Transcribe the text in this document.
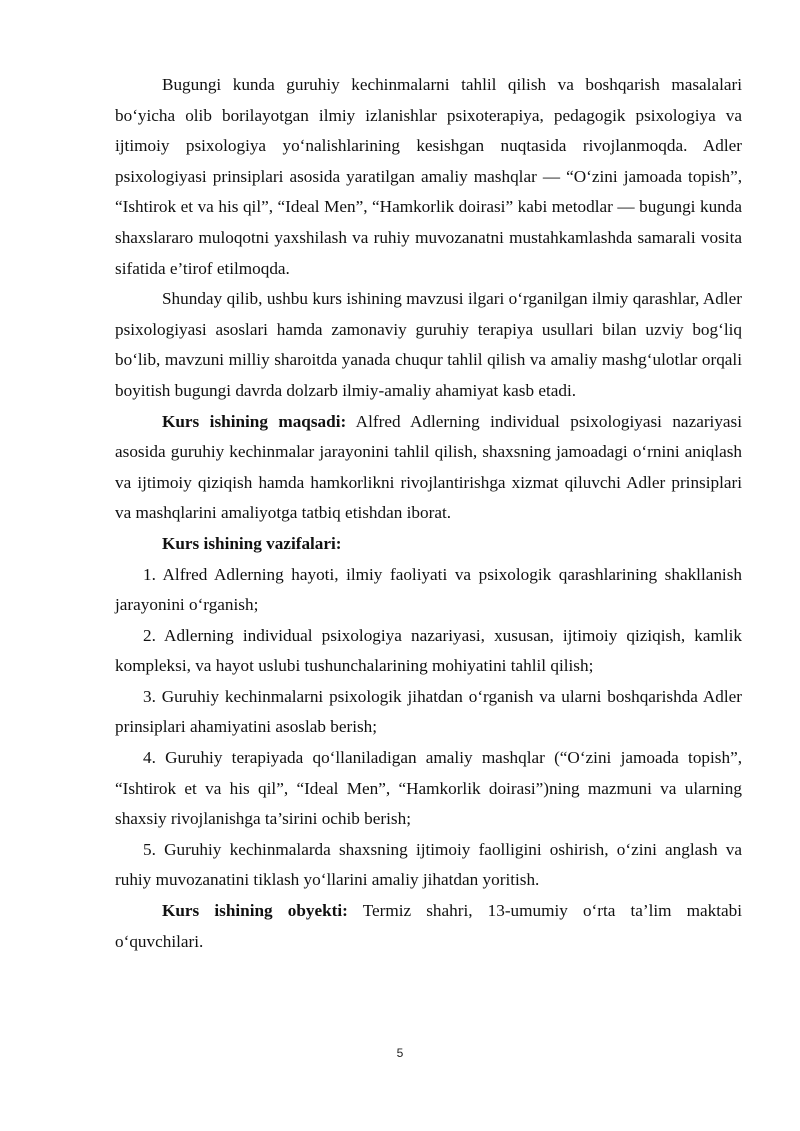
Bugungi kunda guruhiy kechinmalarni tahlil qilish va boshqarish masalalari bo‘yicha olib borilayotgan ilmiy izlanishlar psixoterapiya, pedagogik psixologiya va ijtimoiy psixologiya yo‘nalishlarining kesishgan nuqtasida rivojlanmoqda. Adler psixologiyasi prinsiplari asosida yaratilgan amaliy mashqlar — “O‘zini jamoada topish”, “Ishtirok et va his qil”, “Ideal Men”, “Hamkorlik doirasi” kabi metodlar — bugungi kunda shaxslararo muloqotni yaxshilash va ruhiy muvozanatni mustahkamlashda samarali vosita sifatida e’tirof etilmoqda.

Shunday qilib, ushbu kurs ishining mavzusi ilgari o‘rganilgan ilmiy qarashlar, Adler psixologiyasi asoslari hamda zamonaviy guruhiy terapiya usullari bilan uzviy bog‘liq bo‘lib, mavzuni milliy sharoitda yanada chuqur tahlil qilish va amaliy mashg‘ulotlar orqali boyitish bugungi davrda dolzarb ilmiy-amaliy ahamiyat kasb etadi.

Kurs ishining maqsadi: Alfred Adlerning individual psixologiyasi nazariyasi asosida guruhiy kechinmalar jarayonini tahlil qilish, shaxsning jamoadagi o‘rnini aniqlash va ijtimoiy qiziqish hamda hamkorlikni rivojlantirishga xizmat qiluvchi Adler prinsiplari va mashqlarini amaliyotga tatbiq etishdan iborat.

Kurs ishining vazifalari:

1. Alfred Adlerning hayoti, ilmiy faoliyati va psixologik qarashlarining shakllanish jarayonini o‘rganish;

2. Adlerning individual psixologiya nazariyasi, xususan, ijtimoiy qiziqish, kamlik kompleksi, va hayot uslubi tushunchalarining mohiyatini tahlil qilish;

3. Guruhiy kechinmalarni psixologik jihatdan o‘rganish va ularni boshqarishda Adler prinsiplari ahamiyatini asoslab berish;

4. Guruhiy terapiyada qo‘llaniladigan amaliy mashqlar (“O‘zini jamoada topish”, “Ishtirok et va his qil”, “Ideal Men”, “Hamkorlik doirasi”)ning mazmuni va ularning shaxsiy rivojlanishga ta’sirini ochib berish;

5. Guruhiy kechinmalarda shaxsning ijtimoiy faolligini oshirish, o‘zini anglash va ruhiy muvozanatini tiklash yo‘llarini amaliy jihatdan yoritish.

Kurs ishining obyekti: Termiz shahri, 13-umumiy o‘rta ta’lim maktabi o‘quvchilari.

5
